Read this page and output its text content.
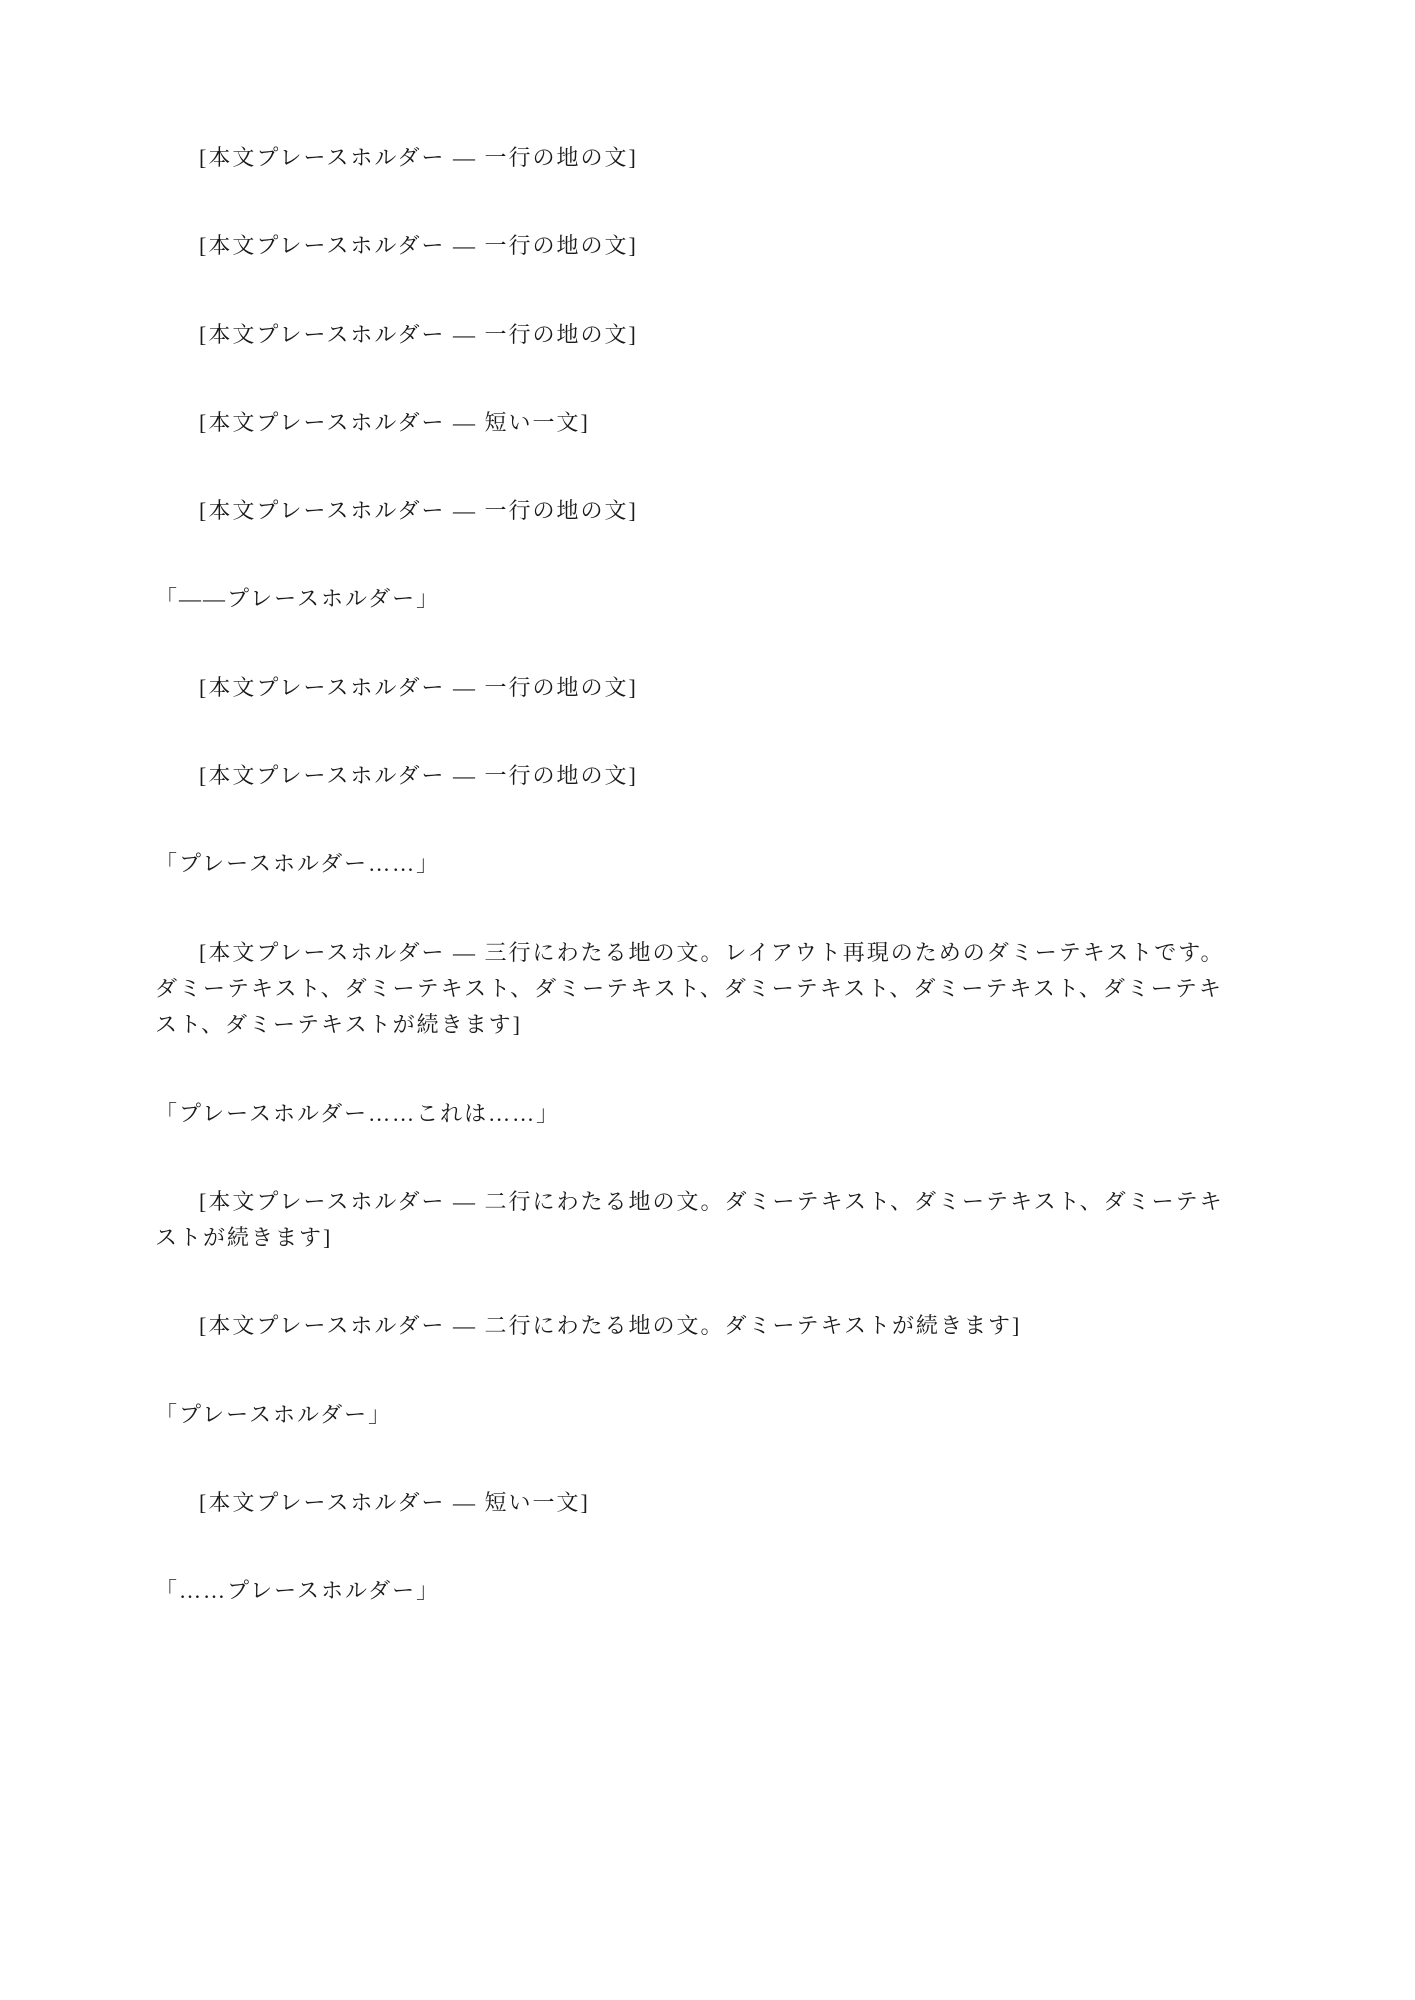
[本文プレースホルダー — 一行の地の文]

[本文プレースホルダー — 一行の地の文]

[本文プレースホルダー — 一行の地の文]

[本文プレースホルダー — 短い一文]

[本文プレースホルダー — 一行の地の文]

「――プレースホルダー」

[本文プレースホルダー — 一行の地の文]

[本文プレースホルダー — 一行の地の文]

「プレースホルダー……」

[本文プレースホルダー — 三行にわたる地の文。レイアウト再現のためのダミーテキストです。ダミーテキスト、ダミーテキスト、ダミーテキスト、ダミーテキスト、ダミーテキスト、ダミーテキスト、ダミーテキストが続きます]

「プレースホルダー……これは……」

[本文プレースホルダー — 二行にわたる地の文。ダミーテキスト、ダミーテキスト、ダミーテキストが続きます]

[本文プレースホルダー — 二行にわたる地の文。ダミーテキストが続きます]

「プレースホルダー」

[本文プレースホルダー — 短い一文]

「……プレースホルダー」
